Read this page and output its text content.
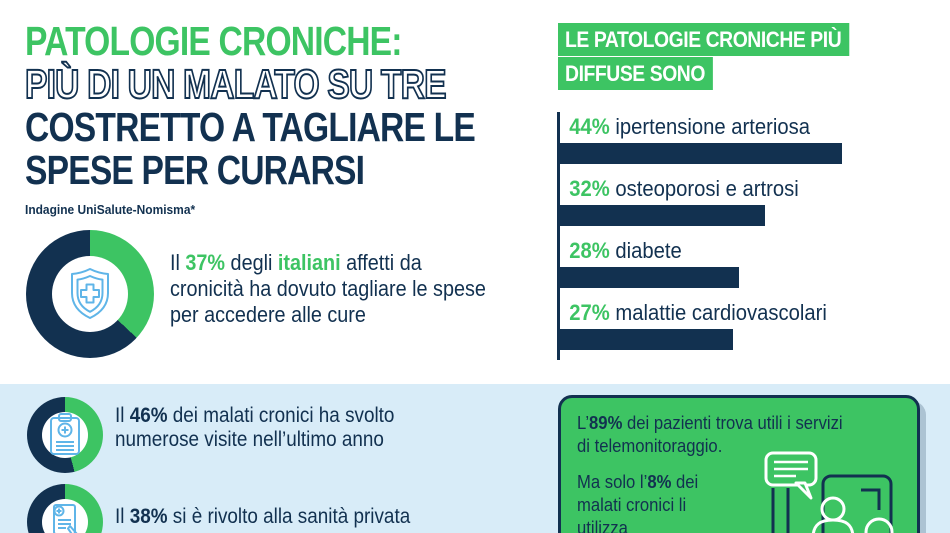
PATOLOGIE CRONICHE:
PIÙ DI UN MALATO SU TRE
COSTRETTO A TAGLIARE LE
SPESE PER CURARSI
Indagine UniSalute-Nomisma*
Il 37% degli italiani affetti da
cronicità ha dovuto tagliare le spese
per accedere alle cure
LE PATOLOGIE CRONICHE PIÙ
DIFFUSE SONO
44% ipertensione arteriosa
32% osteoporosi e artrosi
28% diabete
27% malattie cardiovascolari
Il 46% dei malati cronici ha svolto
numerose visite nell’ultimo anno
Il 38% si è rivolto alla sanità privata
L’89% dei pazienti trova utili i servizi
di telemonitoraggio.
Ma solo l’8% dei
malati cronici li
utilizza
